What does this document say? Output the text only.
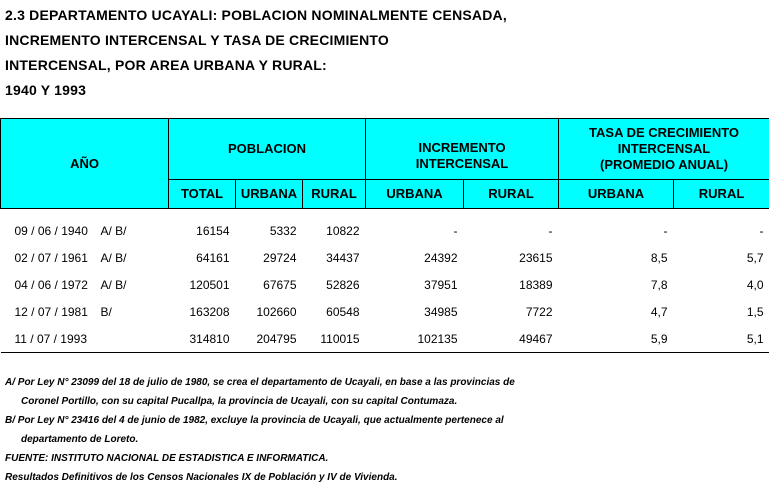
2.3 DEPARTAMENTO UCAYALI: POBLACION NOMINALMENTE CENSADA,
INCREMENTO INTERCENSAL Y TASA DE CRECIMIENTO
INTERCENSAL, POR AREA URBANA Y RURAL:
1940 Y 1993
AÑO		POBLACION			INCREMENTO INTERCENSAL		TASA DE CRECIMIENTO INTERCENSAL (PROMEDIO ANUAL)	

		TOTAL	URBANA	RURAL	URBANA	RURAL	URBANA	RURAL

09 / 06 / 1940	A/ B/	16154	5332	10822	-	-	-	-
02 / 07 / 1961	A/ B/	64161	29724	34437	24392	23615	8,5	5,7
04 / 06 / 1972	A/ B/	120501	67675	52826	37951	18389	7,8	4,0
12 / 07 / 1981	B/	163208	102660	60548	34985	7722	4,7	1,5
11 / 07 / 1993		314810	204795	110015	102135	49467	5,9	5,1
A/ Por Ley N° 23099 del 18 de julio de 1980, se crea el departamento de Ucayali, en base a las provincias de
Coronel Portillo, con su capital Pucallpa, la provincia de Ucayali, con su capital Contumaza.
B/ Por Ley N° 23416 del 4 de junio de 1982, excluye la provincia de Ucayali, que actualmente pertenece al
departamento de Loreto.
FUENTE: INSTITUTO NACIONAL DE ESTADISTICA E INFORMATICA.
Resultados Definitivos de los Censos Nacionales IX de Población y IV de Vivienda.
